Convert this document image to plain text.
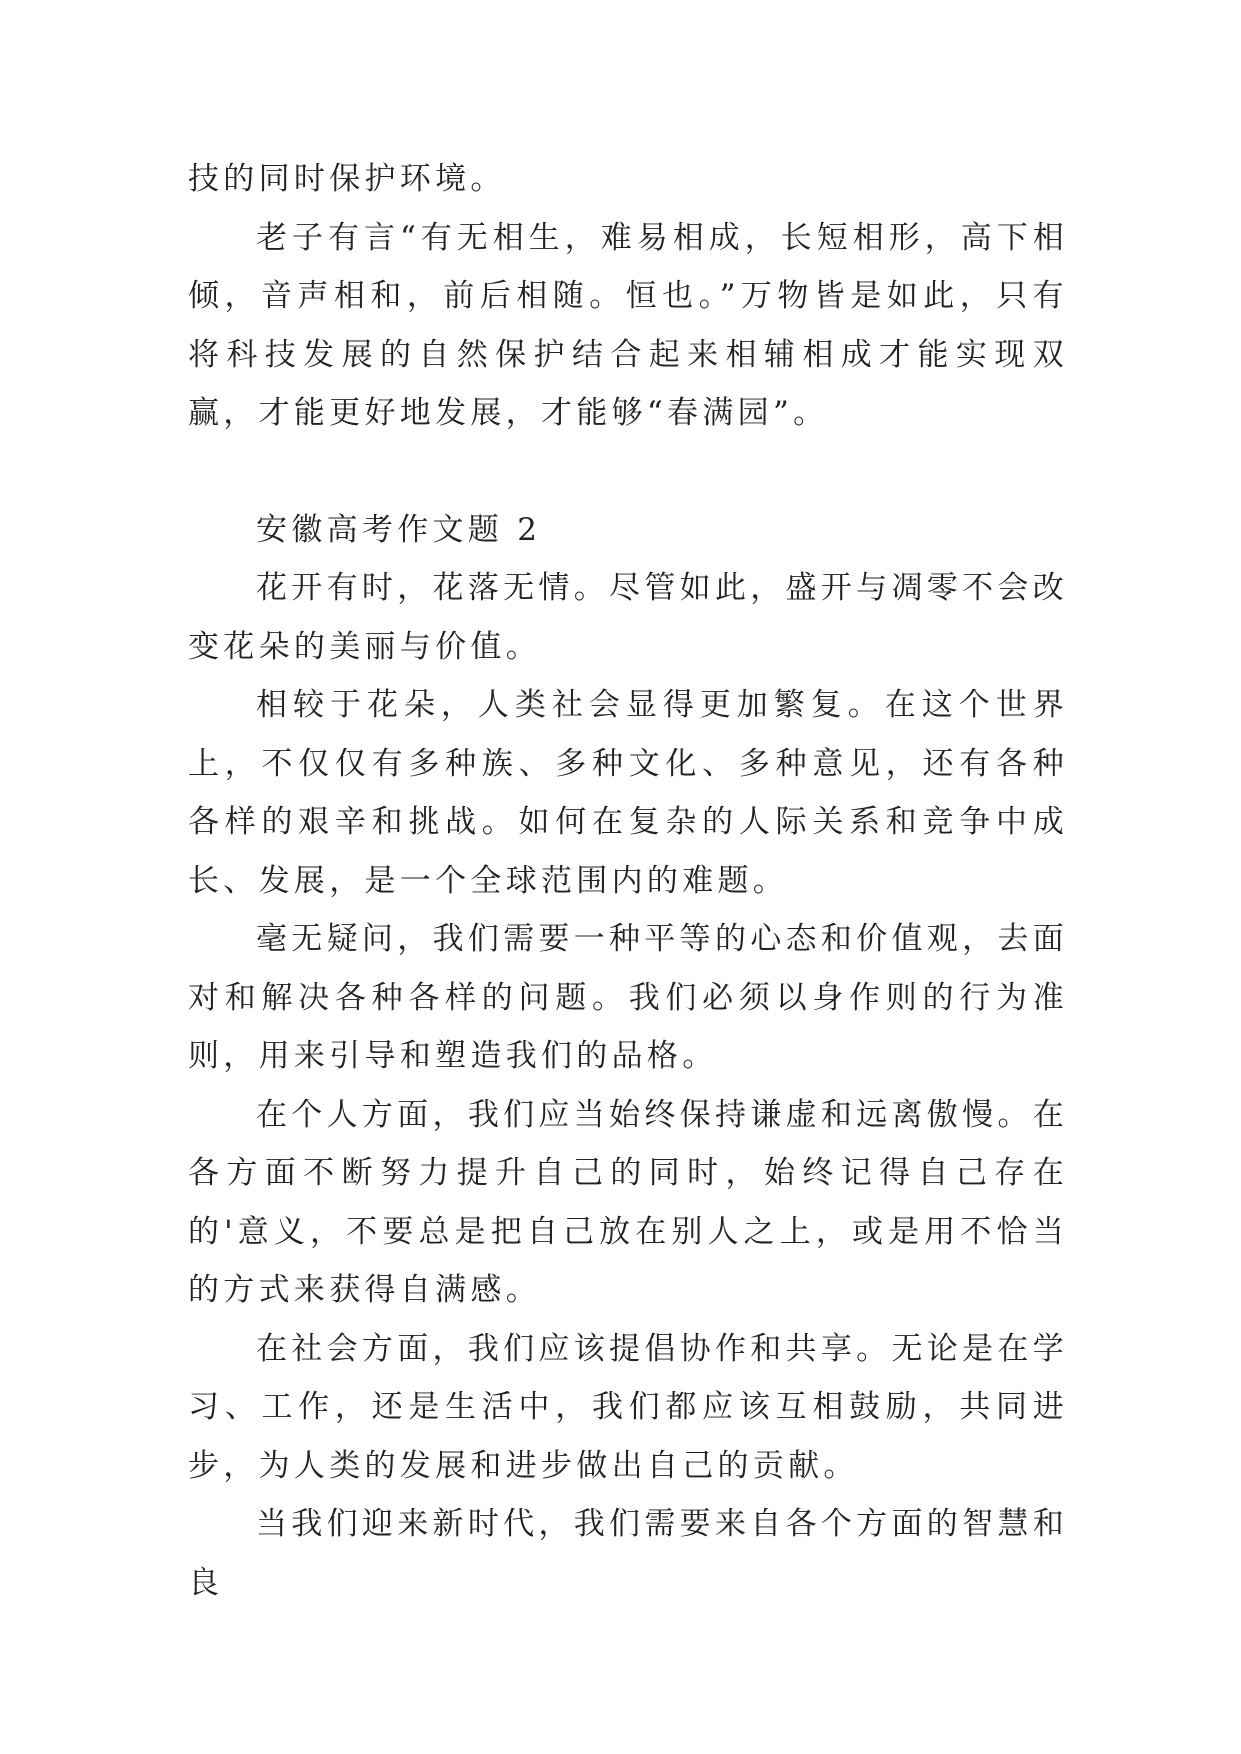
技的同时保护环境。

老子有言“有无相生，难易相成，长短相形，高下相倾，音声相和，前后相随。恒也。”万物皆是如此，只有将科技发展的自然保护结合起来相辅相成才能实现双赢，才能更好地发展，才能够“春满园”。

安徽高考作文题 2

花开有时，花落无情。尽管如此，盛开与凋零不会改变花朵的美丽与价值。

相较于花朵，人类社会显得更加繁复。在这个世界上，不仅仅有多种族、多种文化、多种意见，还有各种各样的艰辛和挑战。如何在复杂的人际关系和竞争中成长、发展，是一个全球范围内的难题。

毫无疑问，我们需要一种平等的心态和价值观，去面对和解决各种各样的问题。我们必须以身作则的行为准则，用来引导和塑造我们的品格。

在个人方面，我们应当始终保持谦虚和远离傲慢。在各方面不断努力提升自己的同时，始终记得自己存在的'意义，不要总是把自己放在别人之上，或是用不恰当的方式来获得自满感。

在社会方面，我们应该提倡协作和共享。无论是在学习、工作，还是生活中，我们都应该互相鼓励，共同进步，为人类的发展和进步做出自己的贡献。

当我们迎来新时代，我们需要来自各个方面的智慧和良
